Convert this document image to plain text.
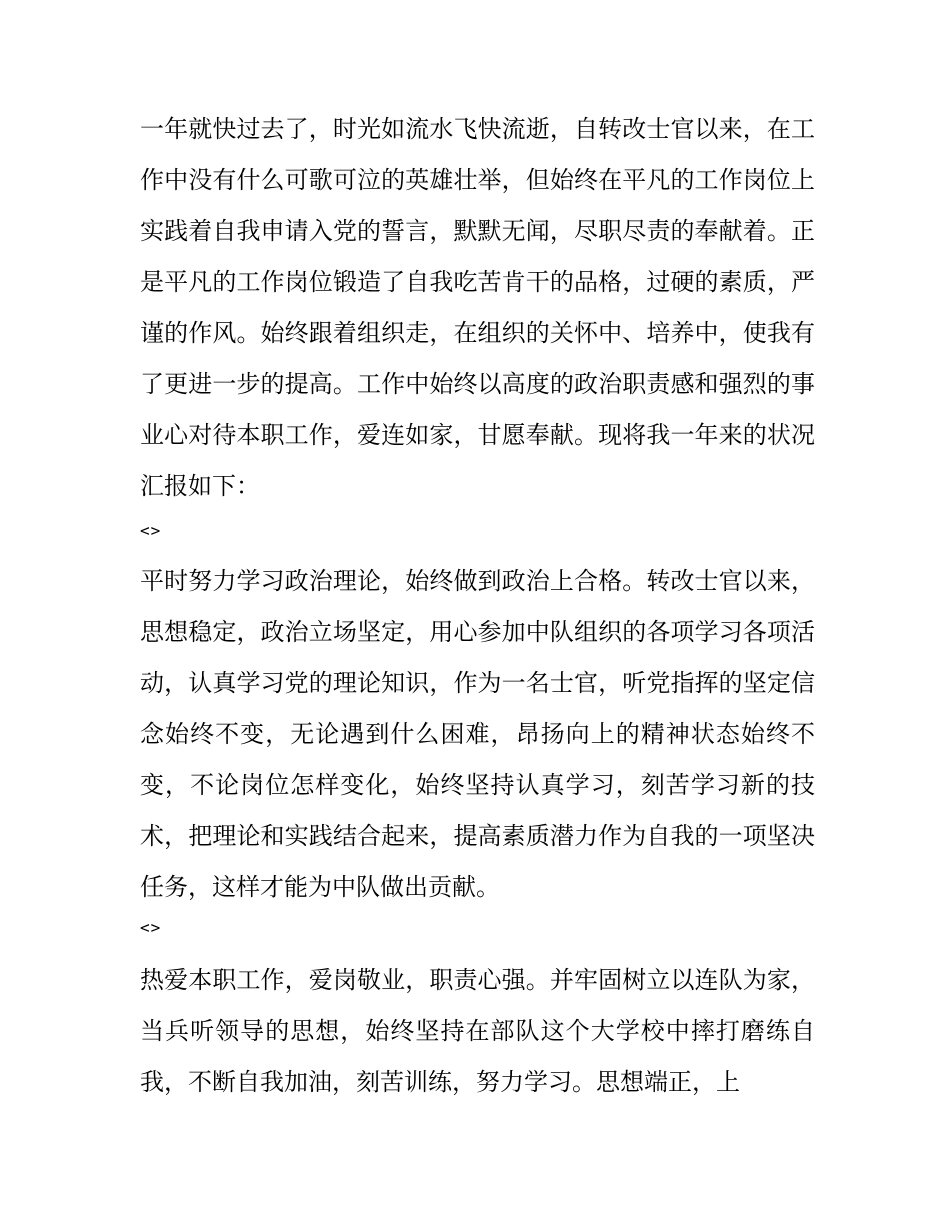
一年就快过去了，时光如流水飞快流逝，自转改士官以来，在工作中没有什么可歌可泣的英雄壮举，但始终在平凡的工作岗位上实践着自我申请入党的誓言，默默无闻，尽职尽责的奉献着。正是平凡的工作岗位锻造了自我吃苦肯干的品格，过硬的素质，严谨的作风。始终跟着组织走，在组织的关怀中、培养中，使我有了更进一步的提高。工作中始终以高度的政治职责感和强烈的事业心对待本职工作，爱连如家，甘愿奉献。现将我一年来的状况汇报如下：

<>

平时努力学习政治理论，始终做到政治上合格。转改士官以来，思想稳定，政治立场坚定，用心参加中队组织的各项学习各项活动，认真学习党的理论知识，作为一名士官，听党指挥的坚定信念始终不变，无论遇到什么困难，昂扬向上的精神状态始终不变，不论岗位怎样变化，始终坚持认真学习，刻苦学习新的技术，把理论和实践结合起来，提高素质潜力作为自我的一项坚决任务，这样才能为中队做出贡献。

<>

热爱本职工作，爱岗敬业，职责心强。并牢固树立以连队为家，当兵听领导的思想，始终坚持在部队这个大学校中摔打磨练自我，不断自我加油，刻苦训练，努力学习。思想端正，上
